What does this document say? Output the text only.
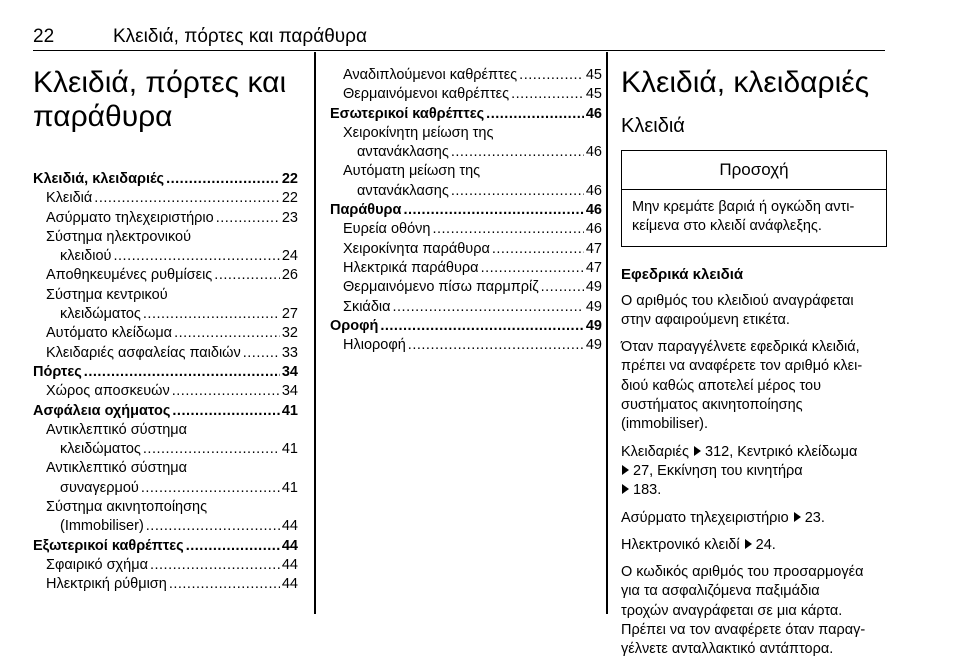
22	Κλειδιά, πόρτες και παράθυρα
Κλειδιά, πόρτες και
παράθυρα
Κλειδιά, κλειδαριές .....	22
Κλειδιά .....	22
Ασύρματο τηλεχειριστήριο .....	23
Σύστημα ηλεκτρονικού
κλειδιού .....	24
Αποθηκευμένες ρυθμίσεις .....	26
Σύστημα κεντρικού
κλειδώματος .....	27
Αυτόματο κλείδωμα .....	32
Κλειδαριές ασφαλείας παιδιών .....	33
Πόρτες .....	34
Χώρος αποσκευών .....	34
Ασφάλεια οχήματος .....	41
Αντικλεπτικό σύστημα
κλειδώματος .....	41
Αντικλεπτικό σύστημα
συναγερμού .....	41
Σύστημα ακινητοποίησης
(Immobiliser) .....	44
Εξωτερικοί καθρέπτες .....	44
Σφαιρικό σχήμα .....	44
Ηλεκτρική ρύθμιση .....	44
Αναδιπλούμενοι καθρέπτες .....	45
Θερμαινόμενοι καθρέπτες .....	45
Εσωτερικοί καθρέπτες .....	46
Χειροκίνητη μείωση της
αντανάκλασης .....	46
Αυτόματη μείωση της
αντανάκλασης .....	46
Παράθυρα .....	46
Ευρεία οθόνη .....	46
Χειροκίνητα παράθυρα .....	47
Ηλεκτρικά παράθυρα .....	47
Θερμαινόμενο πίσω παρμπρίζ .....	49
Σκιάδια .....	49
Οροφή .....	49
Ηλιοροφή .....	49
Κλειδιά, κλειδαριές
Κλειδιά
Προσοχή
Μην κρεμάτε βαριά ή ογκώδη αντι-
κείμενα στο κλειδί ανάφλεξης.
Εφεδρικά κλειδιά
Ο αριθμός του κλειδιού αναγράφεται
στην αφαιρούμενη ετικέτα.
Όταν παραγγέλνετε εφεδρικά κλειδιά,
πρέπει να αναφέρετε τον αριθμό κλει-
διού καθώς αποτελεί μέρος του
συστήματος ακινητοποίησης
(immobiliser).
Κλειδαριές 312, Κεντρικό κλείδωμα
27, Εκκίνηση του κινητήρα
183.
Ασύρματο τηλεχειριστήριο 23.
Ηλεκτρονικό κλειδί 24.
Ο κωδικός αριθμός του προσαρμογέα
για τα ασφαλιζόμενα παξιμάδια
τροχών αναγράφεται σε μια κάρτα.
Πρέπει να τον αναφέρετε όταν παραγ-
γέλνετε ανταλλακτικό αντάπτορα.
